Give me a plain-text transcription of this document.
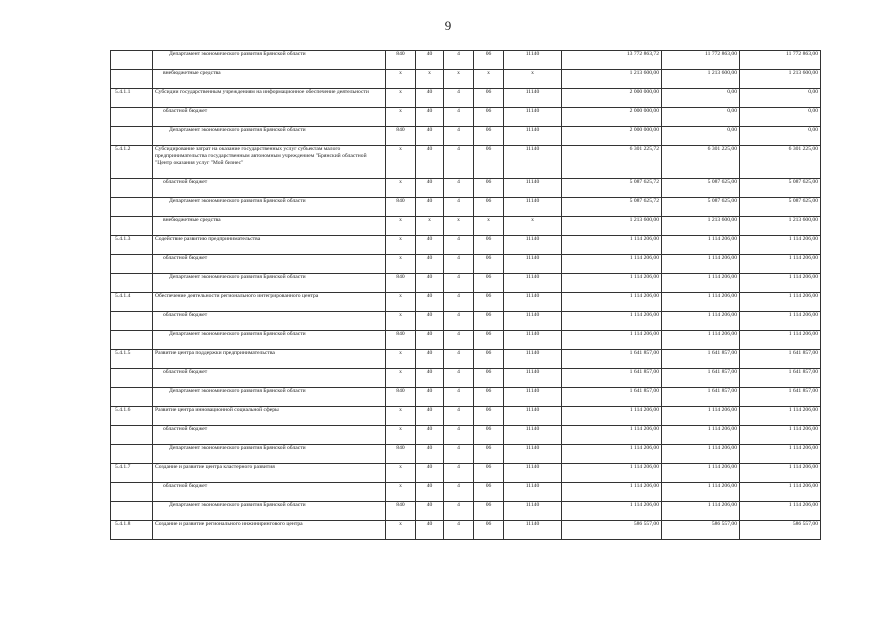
9
	Департамент экономического развития Брянской области	840	40	4	06	11140	13 772 863,72	11 772 863,00	11 772 863,00
	внебюджетные средства	x	x	x	x	x	1 213 600,00	1 213 600,00	1 213 600,00
5.4.1.1	Субсидии государственным учреждениям на информационное обеспечение деятельности	x	40	4	06	11140	2 000 000,00	0,00	0,00
	областной бюджет	x	40	4	06	11140	2 000 000,00	0,00	0,00
	Департамент экономического развития Брянской области	840	40	4	06	11140	2 000 000,00	0,00	0,00
5.4.1.2	Субсидирование затрат на оказание государственных услуг субъектам малого предпринимательства государственным автономным учреждением "Брянский областной "Центр оказания услуг "Мой бизнес"	x	40	4	06	11140	6 301 225,72	6 301 225,00	6 301 225,00
	областной бюджет	x	40	4	06	11140	5 087 625,72	5 087 625,00	5 087 625,00
	Департамент экономического развития Брянской области	840	40	4	06	11140	5 087 625,72	5 087 625,00	5 087 625,00
	внебюджетные средства	x	x	x	x	x	1 213 600,00	1 213 600,00	1 213 600,00
5.4.1.3	Содействие развитию предпринимательства	x	40	4	06	11140	1 114 206,00	1 114 206,00	1 114 206,00
	областной бюджет	x	40	4	06	11140	1 114 206,00	1 114 206,00	1 114 206,00
	Департамент экономического развития Брянской области	840	40	4	06	11140	1 114 206,00	1 114 206,00	1 114 206,00
5.4.1.4	Обеспечение деятельности регионального интегрированного центра	x	40	4	06	11140	1 114 206,00	1 114 206,00	1 114 206,00
	областной бюджет	x	40	4	06	11140	1 114 206,00	1 114 206,00	1 114 206,00
	Департамент экономического развития Брянской области	840	40	4	06	11140	1 114 206,00	1 114 206,00	1 114 206,00
5.4.1.5	Развитие центра поддержки предпринимательства	x	40	4	06	11140	1 641 857,00	1 641 857,00	1 641 857,00
	областной бюджет	x	40	4	06	11140	1 641 857,00	1 641 857,00	1 641 857,00
	Департамент экономического развития Брянской области	840	40	4	06	11140	1 641 857,00	1 641 857,00	1 641 857,00
5.4.1.6	Развитие центра инновационной социальной сферы	x	40	4	06	11140	1 114 206,00	1 114 206,00	1 114 206,00
	областной бюджет	x	40	4	06	11140	1 114 206,00	1 114 206,00	1 114 206,00
	Департамент экономического развития Брянской области	840	40	4	06	11140	1 114 206,00	1 114 206,00	1 114 206,00
5.4.1.7	Создание и развитие центра кластерного развития	x	40	4	06	11140	1 114 206,00	1 114 206,00	1 114 206,00
	областной бюджет	x	40	4	06	11140	1 114 206,00	1 114 206,00	1 114 206,00
	Департамент экономического развития Брянской области	840	40	4	06	11140	1 114 206,00	1 114 206,00	1 114 206,00
5.4.1.8	Создание и развитие регионального инжинирингового центра	x	40	4	06	11140	586 557,00	586 557,00	586 557,00
